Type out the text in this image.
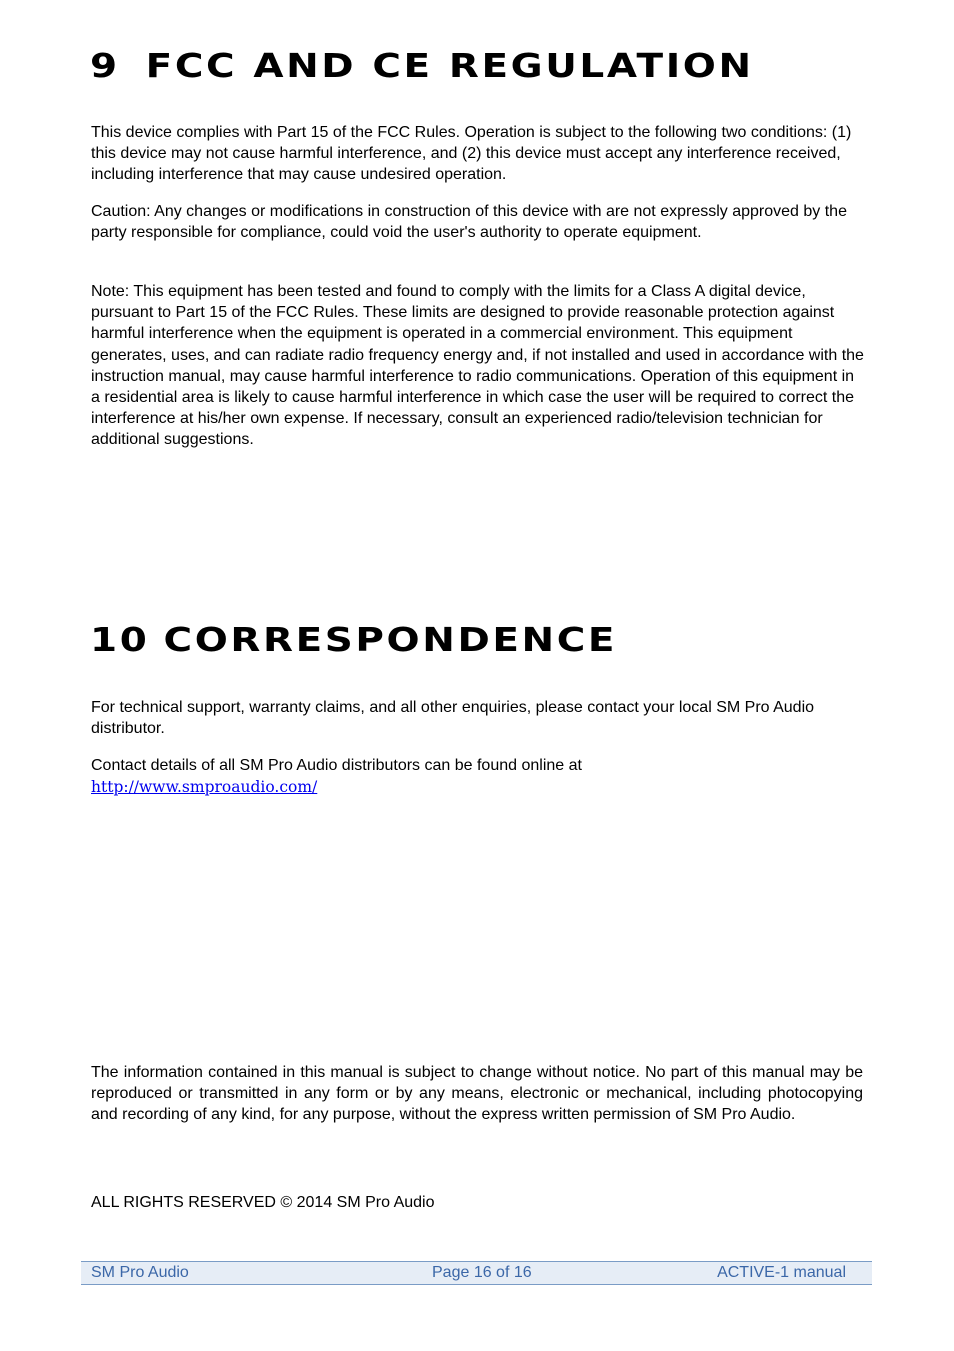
9 FCC AND CE REGULATION

This device complies with Part 15 of the FCC Rules. Operation is subject to the following two conditions: (1) this device may not cause harmful interference, and (2) this device must accept any interference received, including interference that may cause undesired operation.

Caution: Any changes or modifications in construction of this device with are not expressly approved by the party responsible for compliance, could void the user's authority to operate equipment.

Note: This equipment has been tested and found to comply with the limits for a Class A digital device, pursuant to Part 15 of the FCC Rules. These limits are designed to provide reasonable protection against harmful interference when the equipment is operated in a commercial environment. This equipment generates, uses, and can radiate radio frequency energy and, if not installed and used in accordance with the instruction manual, may cause harmful interference to radio communications. Operation of this equipment in a residential area is likely to cause harmful interference in which case the user will be required to correct the interference at his/her own expense. If necessary, consult an experienced radio/television technician for additional suggestions.

10 CORRESPONDENCE

For technical support, warranty claims, and all other enquiries, please contact your local SM Pro Audio distributor.

Contact details of all SM Pro Audio distributors can be found online at

http://www.smproaudio.com/

The information contained in this manual is subject to change without notice. No part of this manual may be reproduced or transmitted in any form or by any means, electronic or mechanical, including photocopying and recording of any kind, for any purpose, without the express written permission of SM Pro Audio.

ALL RIGHTS RESERVED © 2014 SM Pro Audio

SM Pro Audio	Page 16 of 16	ACTIVE-1 manual
